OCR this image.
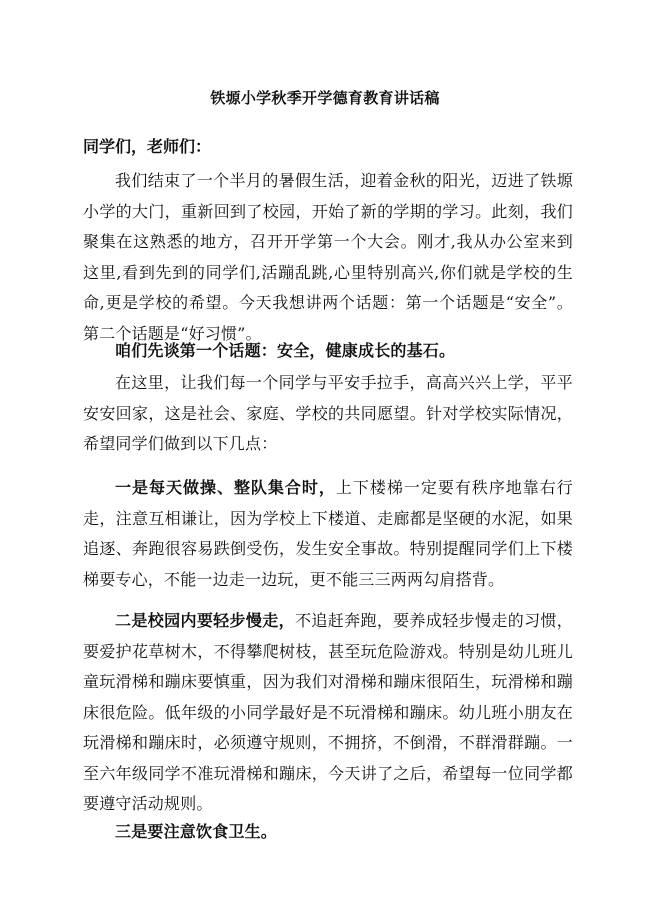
铁塬小学秋季开学德育教育讲话稿
同学们，老师们：

我们结束了一个半月的暑假生活，迎着金秋的阳光，迈进了铁塬小学的大门，重新回到了校园，开始了新的学期的学习。此刻，我们聚集在这熟悉的地方，召开开学第一个大会。刚才,我从办公室来到这里,看到先到的同学们,活蹦乱跳,心里特别高兴,你们就是学校的生命,更是学校的希望。今天我想讲两个话题：第一个话题是“安全”。第二个话题是“好习惯”。

咱们先谈第一个话题：安全，健康成长的基石。

在这里，让我们每一个同学与平安手拉手，高高兴兴上学，平平安安回家，这是社会、家庭、学校的共同愿望。针对学校实际情况，希望同学们做到以下几点：

一是每天做操、整队集合时，上下楼梯一定要有秩序地靠右行走，注意互相谦让，因为学校上下楼道、走廊都是坚硬的水泥，如果追逐、奔跑很容易跌倒受伤，发生安全事故。特别提醒同学们上下楼梯要专心，不能一边走一边玩，更不能三三两两勾肩搭背。

二是校园内要轻步慢走，不追赶奔跑，要养成轻步慢走的习惯，要爱护花草树木，不得攀爬树枝，甚至玩危险游戏。特别是幼儿班儿童玩滑梯和蹦床要慎重，因为我们对滑梯和蹦床很陌生，玩滑梯和蹦床很危险。低年级的小同学最好是不玩滑梯和蹦床。幼儿班小朋友在玩滑梯和蹦床时，必须遵守规则，不拥挤，不倒滑，不群滑群蹦。一至六年级同学不准玩滑梯和蹦床，今天讲了之后，希望每一位同学都要遵守活动规则。

三是要注意饮食卫生。
